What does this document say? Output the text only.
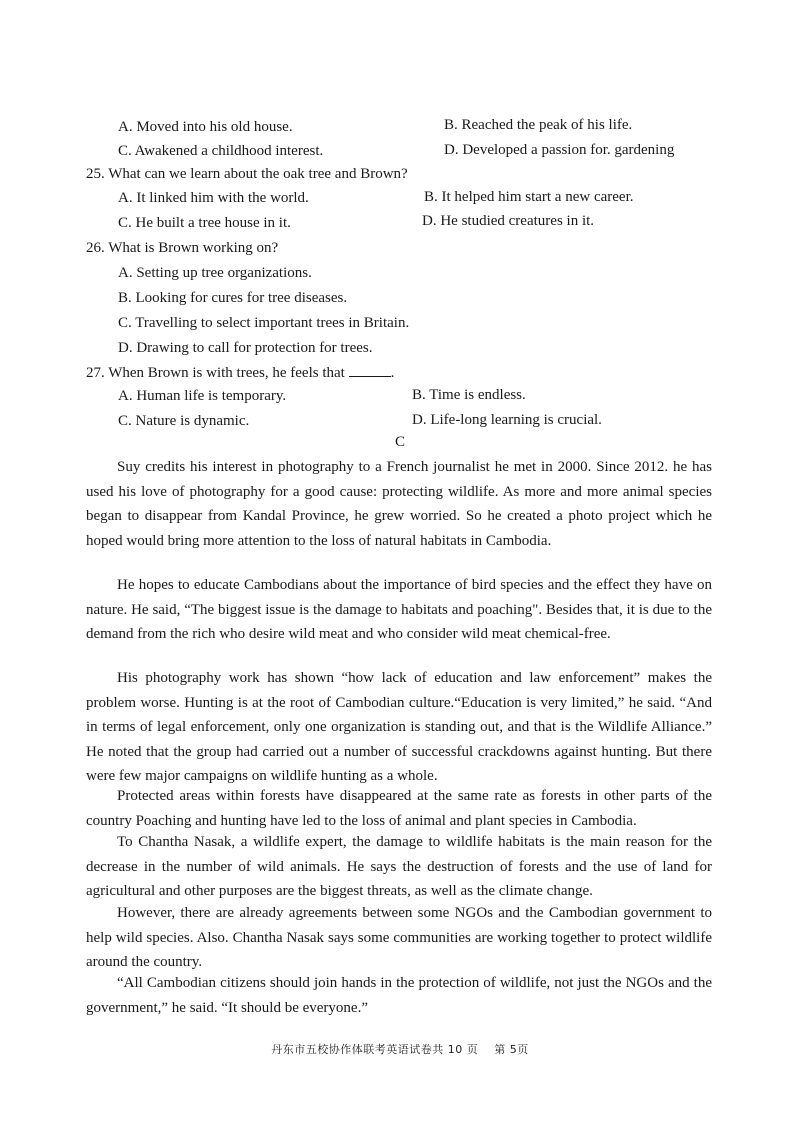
A. Moved into his old house.	B. Reached the peak of his life.
C. Awakened a childhood interest.	D. Developed a passion for. gardening
25. What can we learn about the oak tree and Brown?
A. It linked him with the world.	B. It helped him start a new career.
C. He built a tree house in it.	D. He studied creatures in it.
26. What is Brown working on?
A. Setting up tree organizations.
B. Looking for cures for tree diseases.
C. Travelling to select important trees in Britain.
D. Drawing to call for protection for trees.
27. When Brown is with trees, he feels that	.
A. Human life is temporary.	B. Time is endless.
C. Nature is dynamic.	D. Life-long learning is crucial.
C

Suy credits his interest in photography to a French journalist he met in 2000. Since 2012. he has used his love of photography for a good cause: protecting wildlife. As more and more animal species began to disappear from Kandal Province, he grew worried. So he created a photo project which he hoped would bring more attention to the loss of natural habitats in Cambodia.

He hopes to educate Cambodians about the importance of bird species and the effect they have on nature. He said, “The biggest issue is the damage to habitats and poaching". Besides that, it is due to the demand from the rich who desire wild meat and who consider wild meat chemical-free.

His photography work has shown “how lack of education and law enforcement” makes the problem worse. Hunting is at the root of Cambodian culture.“Education is very limited,” he said. “And in terms of legal enforcement, only one organization is standing out, and that is the Wildlife Alliance.” He noted that the group had carried out a number of successful crackdowns against hunting. But there were few major campaigns on wildlife hunting as a whole.

Protected areas within forests have disappeared at the same rate as forests in other parts of the country Poaching and hunting have led to the loss of animal and plant species in Cambodia.

To Chantha Nasak, a wildlife expert, the damage to wildlife habitats is the main reason for the decrease in the number of wild animals. He says the destruction of forests and the use of land for agricultural and other purposes are the biggest threats, as well as the climate change.

However, there are already agreements between some NGOs and the Cambodian government to help wild species. Also. Chantha Nasak says some communities are working together to protect wildlife around the country.

“All Cambodian citizens should join hands in the protection of wildlife, not just the NGOs and the government,” he said. “It should be everyone.”

丹东市五校协作体联考英语试卷共 10 页 第 5页
